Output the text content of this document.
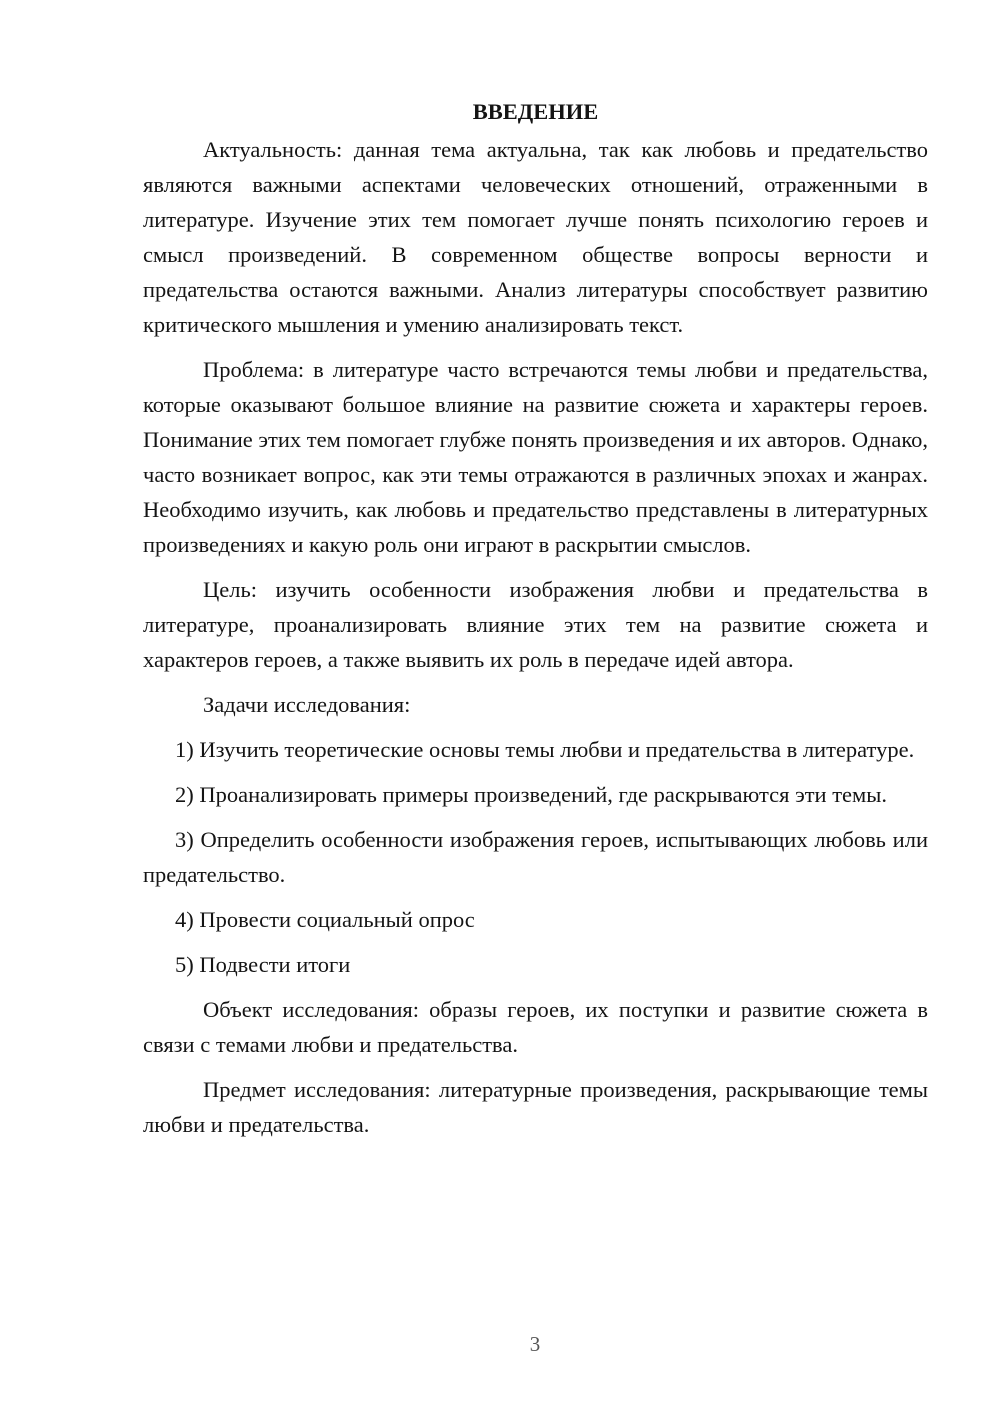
ВВЕДЕНИЕ

Актуальность: данная тема актуальна, так как любовь и предательство являются важными аспектами человеческих отношений, отраженными в литературе. Изучение этих тем помогает лучше понять психологию героев и смысл произведений. В современном обществе вопросы верности и предательства остаются важными. Анализ литературы способствует развитию критического мышления и умению анализировать текст.

Проблема: в литературе часто встречаются темы любви и предательства, которые оказывают большое влияние на развитие сюжета и характеры героев. Понимание этих тем помогает глубже понять произведения и их авторов. Однако, часто возникает вопрос, как эти темы отражаются в различных эпохах и жанрах. Необходимо изучить, как любовь и предательство представлены в литературных произведениях и какую роль они играют в раскрытии смыслов.

Цель: изучить особенности изображения любви и предательства в литературе, проанализировать влияние этих тем на развитие сюжета и характеров героев, а также выявить их роль в передаче идей автора.

Задачи исследования:

1) Изучить теоретические основы темы любви и предательства в литературе.

2) Проанализировать примеры произведений, где раскрываются эти темы.

3) Определить особенности изображения героев, испытывающих любовь или предательство.

4) Провести социальный опрос

5) Подвести итоги

Объект исследования: образы героев, их поступки и развитие сюжета в связи с темами любви и предательства.

Предмет исследования: литературные произведения, раскрывающие темы любви и предательства.

3
